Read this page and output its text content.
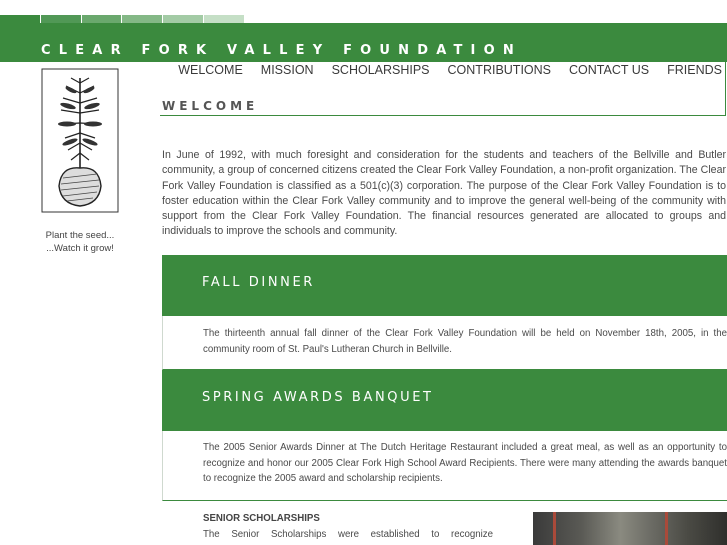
CLEAR FORK VALLEY FOUNDATION
WELCOME	MISSION	SCHOLARSHIPS	CONTRIBUTIONS	CONTACT US	FRIENDS
WELCOME
Plant the seed...
...Watch it grow!
In June of 1992, with much foresight and consideration for the students and teachers of the Bellville and Butler community, a group of concerned citizens created the Clear Fork Valley Foundation, a non-profit organization. The Clear Fork Valley Foundation is classified as a 501(c)(3) corporation. The purpose of the Clear Fork Valley Foundation is to foster education within the Clear Fork Valley community and to improve the general well-being of the community with support from the Clear Fork Valley Foundation. The financial resources generated are allocated to groups and individuals to improve the schools and community.
FALL DINNER
The thirteenth annual fall dinner of the Clear Fork Valley Foundation will be held on November 18th, 2005, in the community room of St. Paul's Lutheran Church in Bellville.
SPRING AWARDS BANQUET
The 2005 Senior Awards Dinner at The Dutch Heritage Restaurant included a great meal, as well as an opportunity to recognize and honor our 2005 Clear Fork High School Award Recipients. There were many attending the awards banquet to recognize the 2005 award and scholarship recipients.
SENIOR SCHOLARSHIPS
The Senior Scholarships were established to recognize
